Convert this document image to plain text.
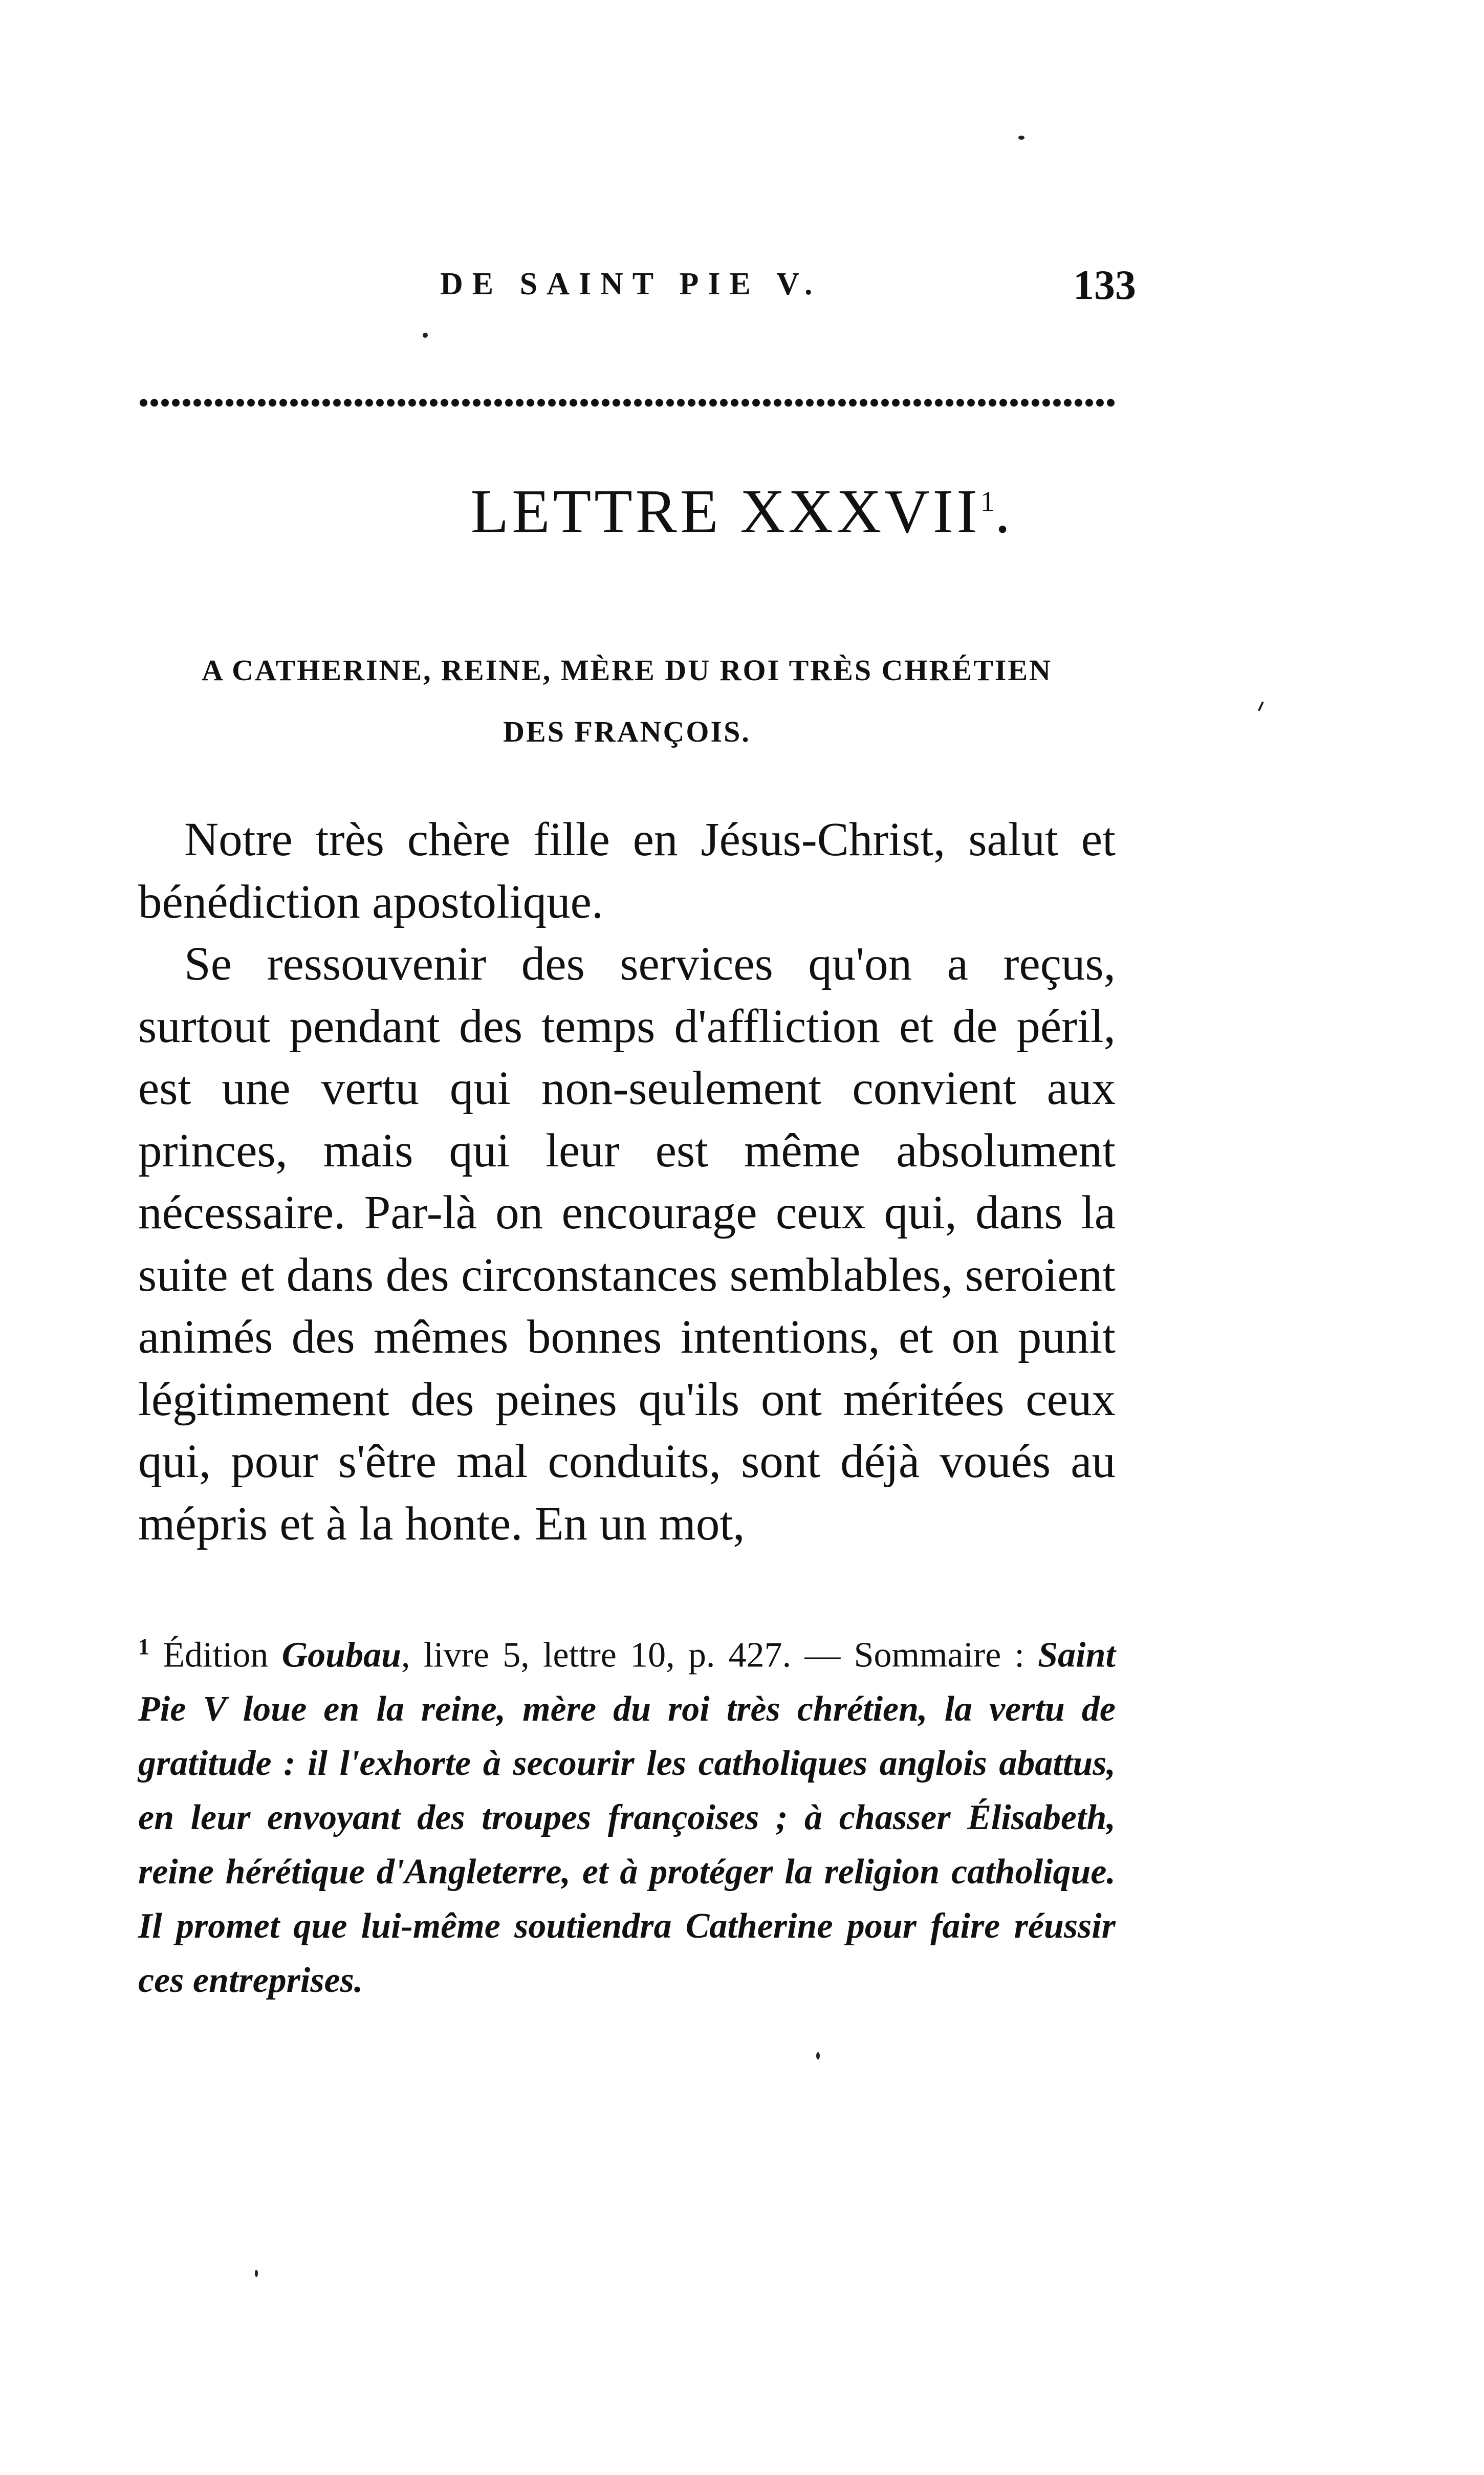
DE SAINT PIE V.	133
LETTRE XXXVII$^1$.
A CATHERINE, REINE, MÈRE DU ROI TRÈS CHRÉTIEN
DES FRANÇOIS.

Notre très chère fille en Jésus-Christ, salut et bénédiction apostolique.

Se ressouvenir des services qu'on a reçus, surtout pendant des temps d'affliction et de péril, est une vertu qui non-seulement convient aux princes, mais qui leur est même absolument nécessaire. Par-là on encourage ceux qui, dans la suite et dans des circonstances semblables, seroient animés des mêmes bonnes intentions, et on punit légitimement des peines qu'ils ont méritées ceux qui, pour s'être mal conduits, sont déjà voués au mépris et à la honte. En un mot,

$^1$ Édition Goubau, livre 5, lettre 10, p. 427. — Sommaire : Saint Pie V loue en la reine, mère du roi très chrétien, la vertu de gratitude : il l'exhorte à secourir les catholiques anglois abattus, en leur envoyant des troupes françoises ; à chasser Élisabeth, reine hérétique d'Angleterre, et à protéger la religion catholique. Il promet que lui-même soutiendra Catherine pour faire réussir ces entreprises.
